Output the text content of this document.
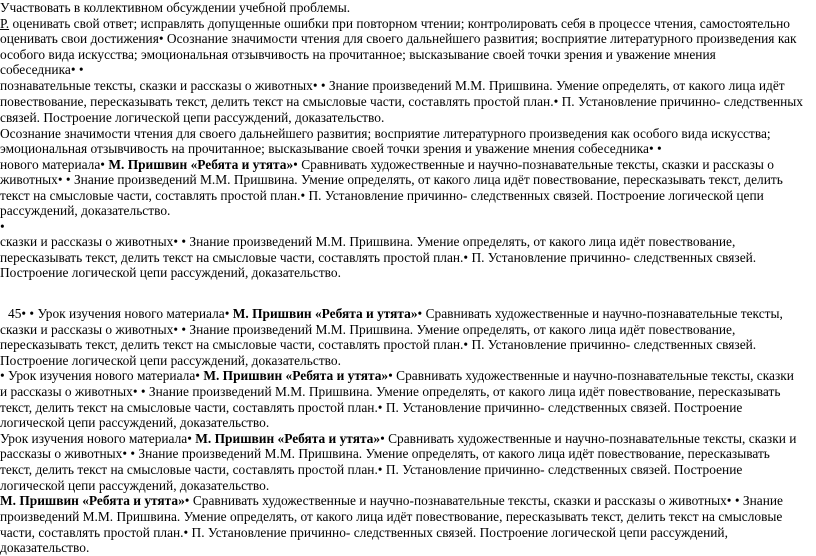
Участвовать в коллективном обсуждении учебной проблемы.
Р. оценивать свой ответ; исправлять допущенные ошибки при повторном чтении; контролировать себя в процессе чтения, самостоятельно
оценивать свои достижения• Осознание значимости чтения для своего дальнейшего развития; восприятие литературного произведения как
особого вида искусства; эмоциональная отзывчивость на прочитанное; высказывание своей точки зрения и уважение мнения
собеседника• •
познавательные тексты, сказки и рассказы о животных• • Знание произведений М.М. Пришвина. Умение определять, от какого лица идёт
повествование, пересказывать текст, делить текст на смысловые части, составлять простой план.• П. Установление причинно- следственных
связей. Построение логической цепи рассуждений, доказательство.
Осознание значимости чтения для своего дальнейшего развития; восприятие литературного произведения как особого вида искусства;
эмоциональная отзывчивость на прочитанное; высказывание своей точки зрения и уважение мнения собеседника• •
нового материала• М. Пришвин «Ребята и утята»• Сравнивать художественные и научно-познавательные тексты, сказки и рассказы о
животных• • Знание произведений М.М. Пришвина. Умение определять, от какого лица идёт повествование, пересказывать текст, делить
текст на смысловые части, составлять простой план.• П. Установление причинно- следственных связей. Построение логической цепи
рассуждений, доказательство.
•
сказки и рассказы о животных• • Знание произведений М.М. Пришвина. Умение определять, от какого лица идёт повествование,
пересказывать текст, делить текст на смысловые части, составлять простой план.• П. Установление причинно- следственных связей.
Построение логической цепи рассуждений, доказательство.
45• • Урок изучения нового материала• М. Пришвин «Ребята и утята»• Сравнивать художественные и научно-познавательные тексты,
сказки и рассказы о животных• • Знание произведений М.М. Пришвина. Умение определять, от какого лица идёт повествование,
пересказывать текст, делить текст на смысловые части, составлять простой план.• П. Установление причинно- следственных связей.
Построение логической цепи рассуждений, доказательство.
• Урок изучения нового материала• М. Пришвин «Ребята и утята»• Сравнивать художественные и научно-познавательные тексты, сказки
и рассказы о животных• • Знание произведений М.М. Пришвина. Умение определять, от какого лица идёт повествование, пересказывать
текст, делить текст на смысловые части, составлять простой план.• П. Установление причинно- следственных связей. Построение
логической цепи рассуждений, доказательство.
Урок изучения нового материала• М. Пришвин «Ребята и утята»• Сравнивать художественные и научно-познавательные тексты, сказки и
рассказы о животных• • Знание произведений М.М. Пришвина. Умение определять, от какого лица идёт повествование, пересказывать
текст, делить текст на смысловые части, составлять простой план.• П. Установление причинно- следственных связей. Построение
логической цепи рассуждений, доказательство.
М. Пришвин «Ребята и утята»• Сравнивать художественные и научно-познавательные тексты, сказки и рассказы о животных• • Знание
произведений М.М. Пришвина. Умение определять, от какого лица идёт повествование, пересказывать текст, делить текст на смысловые
части, составлять простой план.• П. Установление причинно- следственных связей. Построение логической цепи рассуждений,
доказательство.
